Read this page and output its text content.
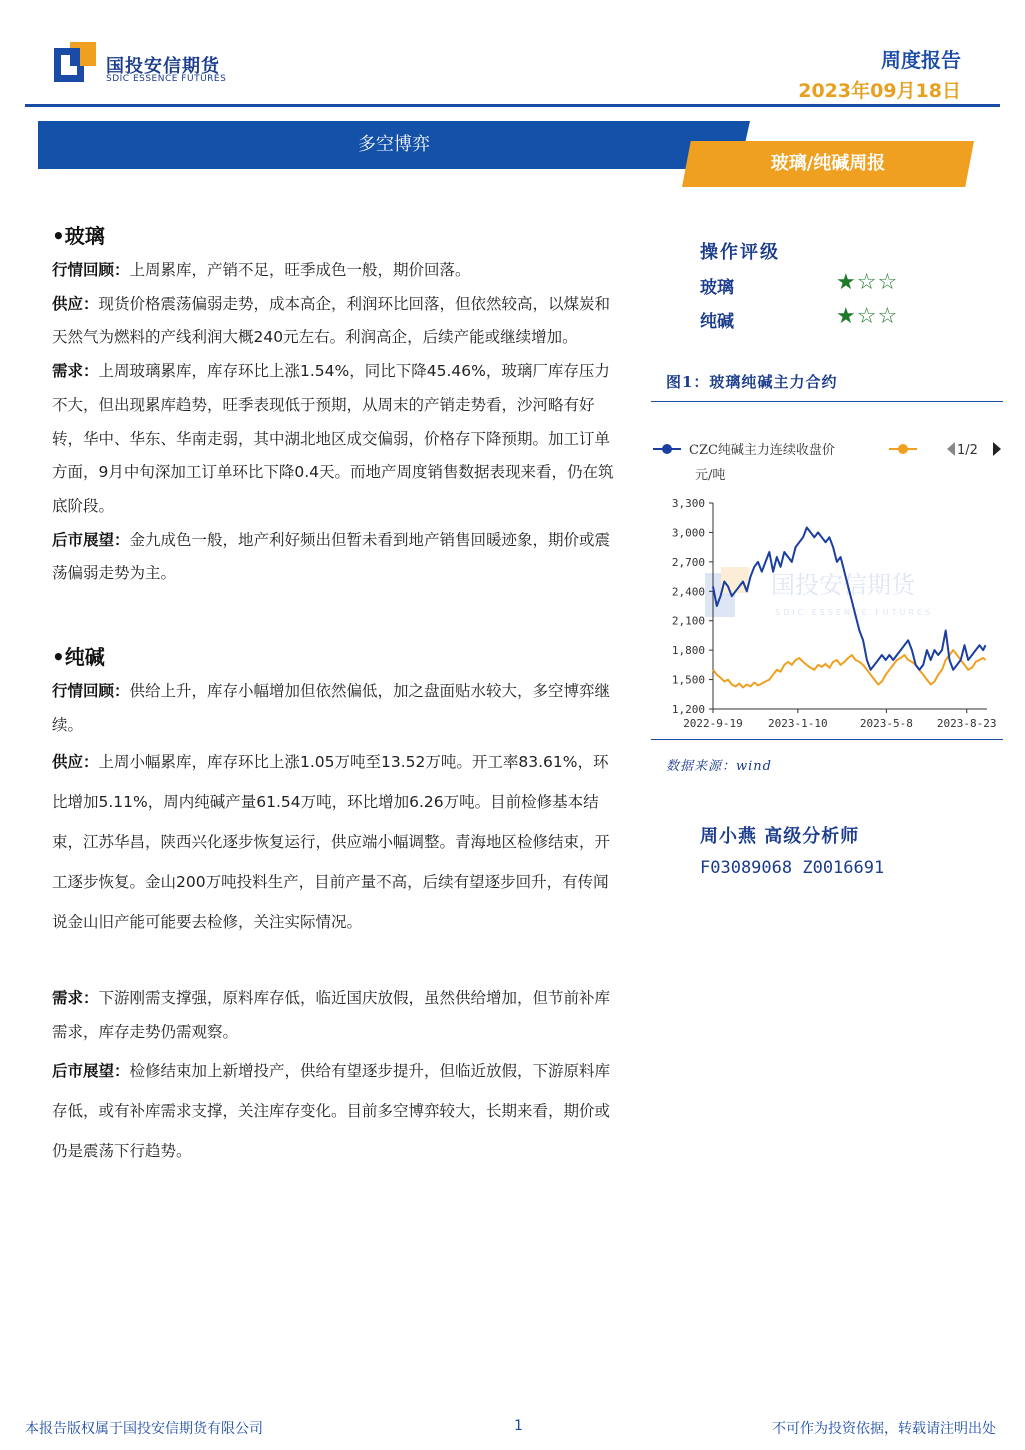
国投安信期货
SDIC ESSENCE FUTURES
周度报告
2023年09月18日
多空博弈
玻璃/纯碱周报
•玻璃

行情回顾：上周累库，产销不足，旺季成色一般，期价回落。

供应：现货价格震荡偏弱走势，成本高企，利润环比回落，但依然较高，以煤炭和天然气为燃料的产线利润大概240元左右。利润高企，后续产能或继续增加。

需求：上周玻璃累库，库存环比上涨1.54%，同比下降45.46%，玻璃厂库存压力不大，但出现累库趋势，旺季表现低于预期，从周末的产销走势看，沙河略有好转，华中、华东、华南走弱，其中湖北地区成交偏弱，价格存下降预期。加工订单方面，9月中旬深加工订单环比下降0.4天。而地产周度销售数据表现来看，仍在筑底阶段。

后市展望：金九成色一般，地产利好频出但暂未看到地产销售回暖迹象，期价或震荡偏弱走势为主。

•纯碱

行情回顾：供给上升，库存小幅增加但依然偏低，加之盘面贴水较大，多空博弈继续。

供应：上周小幅累库，库存环比上涨1.05万吨至13.52万吨。开工率83.61%，环比增加5.11%，周内纯碱产量61.54万吨，环比增加6.26万吨。目前检修基本结束，江苏华昌，陕西兴化逐步恢复运行，供应端小幅调整。青海地区检修结束，开工逐步恢复。金山200万吨投料生产，目前产量不高，后续有望逐步回升，有传闻说金山旧产能可能要去检修，关注实际情况。

需求：下游刚需支撑强，原料库存低，临近国庆放假，虽然供给增加，但节前补库需求，库存走势仍需观察。

后市展望：检修结束加上新增投产，供给有望逐步提升，但临近放假，下游原料库存低，或有补库需求支撑，关注库存变化。目前多空博弈较大，长期来看，期价或仍是震荡下行趋势。

操作评级
玻璃	★☆☆
纯碱	★☆☆
图1：玻璃纯碱主力合约
CZC纯碱主力连续收盘价	1/2
元/吨
国投安信期货
SDIC ESSENCE FUTURES
3,300
3,000
2,700
2,400
2,100
1,800
1,500
1,200
2022-9-19 2023-1-10	2023-5-8 2023-8-23
数据来源：wind
周小燕 高级分析师
F03089068 Z0016691
本报告版权属于国投安信期货有限公司	1	不可作为投资依据，转载请注明出处
